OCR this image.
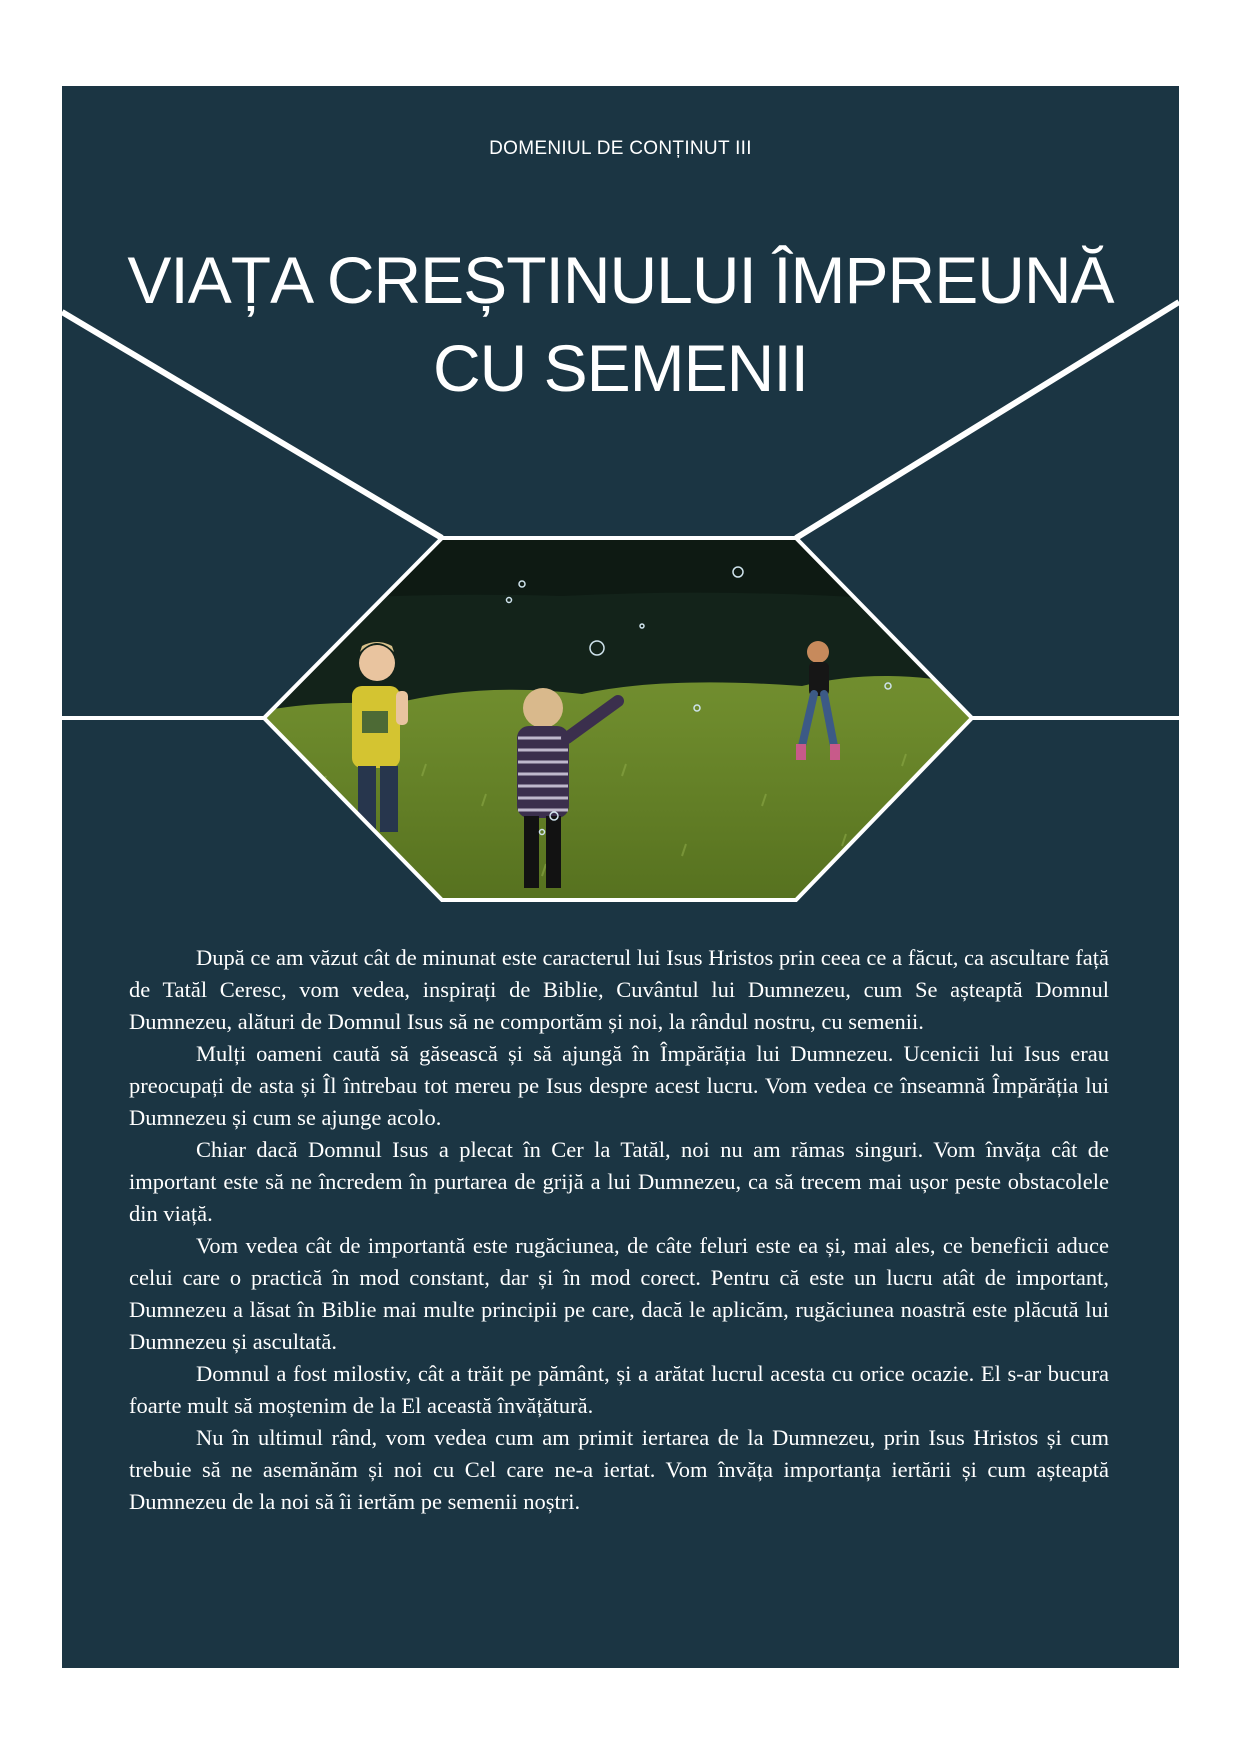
DOMENIUL DE CONȚINUT III
VIAȚA CREȘTINULUI ÎMPREUNĂ
CU SEMENII

După ce am văzut cât de minunat este caracterul lui Isus Hristos prin ceea ce a făcut, ca ascultare față de Tatăl Ceresc, vom vedea, inspirați de Biblie, Cuvântul lui Dumnezeu, cum Se așteaptă Domnul Dumnezeu, alături de Domnul Isus să ne comportăm și noi, la rândul nostru, cu semenii.

Mulți oameni caută să găsească și să ajungă în Împărăția lui Dumnezeu. Ucenicii lui Isus erau preocupați de asta și Îl întrebau tot mereu pe Isus despre acest lucru. Vom vedea ce înseamnă Împărăția lui Dumnezeu și cum se ajunge acolo.

Chiar dacă Domnul Isus a plecat în Cer la Tatăl, noi nu am rămas singuri. Vom învăța cât de important este să ne încredem în purtarea de grijă a lui Dumnezeu, ca să trecem mai ușor peste obstacolele din viață.

Vom vedea cât de importantă este rugăciunea, de câte feluri este ea și, mai ales, ce beneficii aduce celui care o practică în mod constant, dar și în mod corect. Pentru că este un lucru atât de important, Dumnezeu a lăsat în Biblie mai multe principii pe care, dacă le aplicăm, rugăciunea noastră este plăcută lui Dumnezeu și ascultată.

Domnul a fost milostiv, cât a trăit pe pământ, și a arătat lucrul acesta cu orice ocazie. El s-ar bucura foarte mult să moștenim de la El această învățătură.

Nu în ultimul rând, vom vedea cum am primit iertarea de la Dumnezeu, prin Isus Hristos și cum trebuie să ne asemănăm și noi cu Cel care ne-a iertat. Vom învăța importanța iertării și cum așteaptă Dumnezeu de la noi să îi iertăm pe semenii noștri.
